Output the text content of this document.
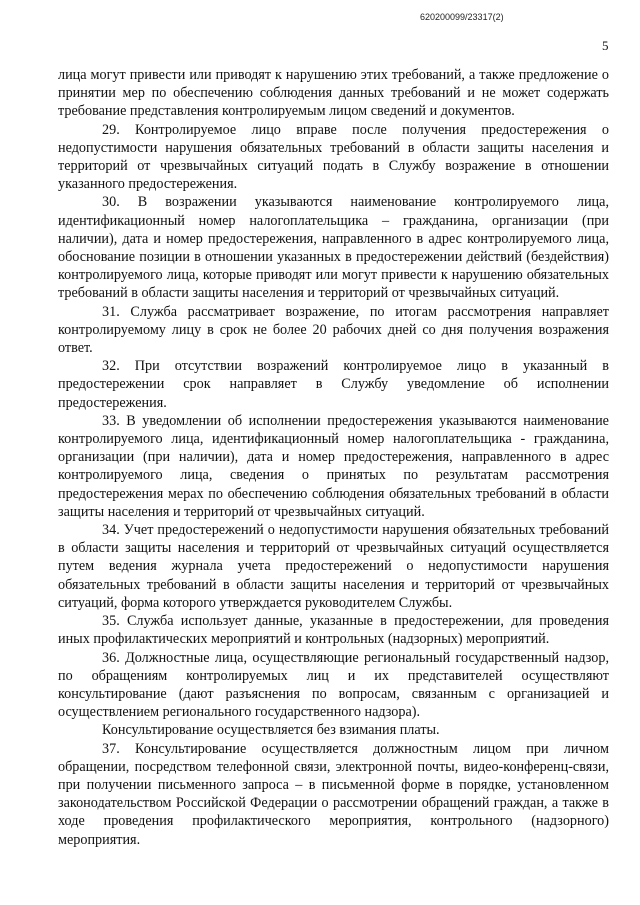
620200099/23317(2)
5

лица могут привести или приводят к нарушению этих требований, а также предложение о принятии мер по обеспечению соблюдения данных требований и не может содержать требование представления контролируемым лицом сведений и документов.

29. Контролируемое лицо вправе после получения предостережения о недопустимости нарушения обязательных требований в области защиты населения и территорий от чрезвычайных ситуаций подать в Службу возражение в отношении указанного предостережения.

30. В возражении указываются наименование контролируемого лица, идентификационный номер налогоплательщика – гражданина, организации (при наличии), дата и номер предостережения, направленного в адрес контролируемого лица, обоснование позиции в отношении указанных в предостережении действий (бездействия) контролируемого лица, которые приводят или могут привести к нарушению обязательных требований в области защиты населения и территорий от чрезвычайных ситуаций.

31. Служба рассматривает возражение, по итогам рассмотрения направляет контролируемому лицу в срок не более 20 рабочих дней со дня получения возражения ответ.

32. При отсутствии возражений контролируемое лицо в указанный в предостережении срок направляет в Службу уведомление об исполнении предостережения.

33. В уведомлении об исполнении предостережения указываются наименование контролируемого лица, идентификационный номер налогоплательщика - гражданина, организации (при наличии), дата и номер предостережения, направленного в адрес контролируемого лица, сведения о принятых по результатам рассмотрения предостережения мерах по обеспечению соблюдения обязательных требований в области защиты населения и территорий от чрезвычайных ситуаций.

34. Учет предостережений о недопустимости нарушения обязательных требований в области защиты населения и территорий от чрезвычайных ситуаций осуществляется путем ведения журнала учета предостережений о недопустимости нарушения обязательных требований в области защиты населения и территорий от чрезвычайных ситуаций, форма которого утверждается руководителем Службы.

35. Служба использует данные, указанные в предостережении, для проведения иных профилактических мероприятий и контрольных (надзорных) мероприятий.

36. Должностные лица, осуществляющие региональный государственный надзор, по обращениям контролируемых лиц и их представителей осуществляют консультирование (дают разъяснения по вопросам, связанным с организацией и осуществлением регионального государственного надзора).

Консультирование осуществляется без взимания платы.

37. Консультирование осуществляется должностным лицом при личном обращении, посредством телефонной связи, электронной почты, видео-конференц-связи, при получении письменного запроса – в письменной форме в порядке, установленном законодательством Российской Федерации о рассмотрении обращений граждан, а также в ходе проведения профилактического мероприятия, контрольного (надзорного) мероприятия.
